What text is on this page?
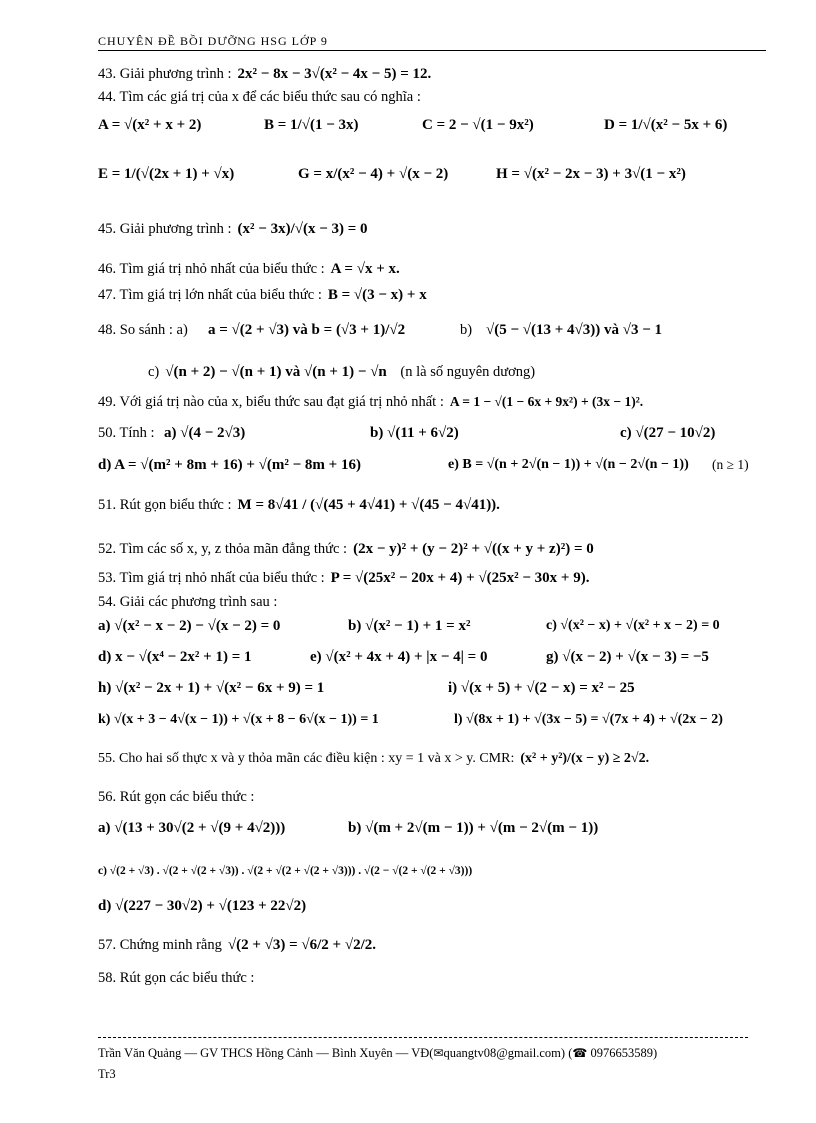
CHUYÊN ĐỀ BỒI DƯỠNG HSG LỚP 9
43. Giải phương trình : 2x² − 8x − 3√(x² − 4x − 5) = 12.
44. Tìm các giá trị của x để các biểu thức sau có nghĩa :
A = √(x² + x + 2)	B = 1/√(1 − 3x)	C = 2 − √(1 − 9x²)	D = 1/√(x² − 5x + 6)
E = 1/(√(2x + 1) + √x)	G = x/(x² − 4) + √(x − 2)	H = √(x² − 2x − 3) + 3√(1 − x²)
45. Giải phương trình : (x² − 3x)/√(x − 3) = 0
46. Tìm giá trị nhỏ nhất của biểu thức : A = √x + x.
47. Tìm giá trị lớn nhất của biểu thức : B = √(3 − x) + x
48. So sánh : a) a = √(2 + √3) và b = (√3 + 1)/√2	b) √(5 − √(13 + 4√3)) và √3 − 1
c) √(n + 2) − √(n + 1) và √(n + 1) − √n (n là số nguyên dương)
49. Với giá trị nào của x, biểu thức sau đạt giá trị nhỏ nhất : A = 1 − √(1 − 6x + 9x²) + (3x − 1)².
50. Tính : a) √(4 − 2√3)	b) √(11 + 6√2)	c) √(27 − 10√2)
d) A = √(m² + 8m + 16) + √(m² − 8m + 16)	e) B = √(n + 2√(n − 1)) + √(n − 2√(n − 1)) (n ≥ 1)
51. Rút gọn biểu thức : M = 8√41 / (√(45 + 4√41) + √(45 − 4√41)).
52. Tìm các số x, y, z thỏa mãn đẳng thức : (2x − y)² + (y − 2)² + √((x + y + z)²) = 0
53. Tìm giá trị nhỏ nhất của biểu thức : P = √(25x² − 20x + 4) + √(25x² − 30x + 9).
54. Giải các phương trình sau :
a) √(x² − x − 2) − √(x − 2) = 0	b) √(x² − 1) + 1 = x²	c) √(x² − x) + √(x² + x − 2) = 0
d) x − √(x⁴ − 2x² + 1) = 1	e) √(x² + 4x + 4) + |x − 4| = 0	g) √(x − 2) + √(x − 3) = −5
h) √(x² − 2x + 1) + √(x² − 6x + 9) = 1	i) √(x + 5) + √(2 − x) = x² − 25
k) √(x + 3 − 4√(x − 1)) + √(x + 8 − 6√(x − 1)) = 1	l) √(8x + 1) + √(3x − 5) = √(7x + 4) + √(2x − 2)
55. Cho hai số thực x và y thỏa mãn các điều kiện : xy = 1 và x > y. CMR: (x² + y²)/(x − y) ≥ 2√2.
56. Rút gọn các biểu thức :
a) √(13 + 30√(2 + √(9 + 4√2)))	b) √(m + 2√(m − 1)) + √(m − 2√(m − 1))
c) √(2 + √3) . √(2 + √(2 + √3)) . √(2 + √(2 + √(2 + √3))) . √(2 − √(2 + √(2 + √3)))
d) √(227 − 30√2) + √(123 + 22√2)
57. Chứng minh rằng √(2 + √3) = √6/2 + √2/2.
58. Rút gọn các biểu thức :
Trần Văn Quảng — GV THCS Hồng Cảnh — Bình Xuyên — VĐ(✉quangtv08@gmail.com) (☎ 0976653589)
Tr3
